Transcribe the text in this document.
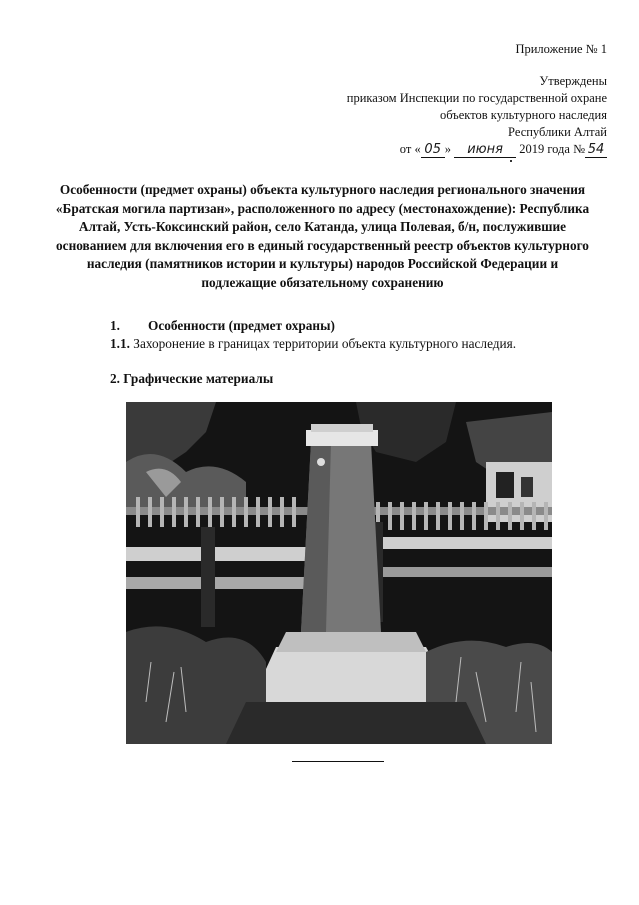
Приложение № 1
Утверждены
приказом Инспекции по государственной охране
объектов культурного наследия
Республики Алтай
от « 05 » июня 2019 года № 54
Особенности (предмет охраны) объекта культурного наследия регионального значения «Братская могила партизан», расположенного по адресу (местонахождение): Республика Алтай, Усть-Коксинский район, село Катанда, улица Полевая, б/н, послужившие основанием для включения его в единый государственный реестр объектов культурного наследия (памятников истории и культуры) народов Российской Федерации и подлежащие обязательному сохранению
1. Особенности (предмет охраны)
1.1. Захоронение в границах территории объекта культурного наследия.
2. Графические материалы
